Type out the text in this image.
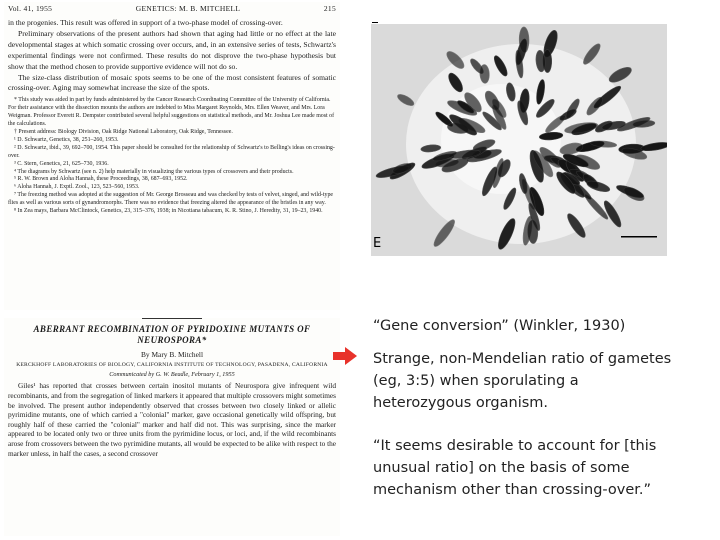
Vol. 41, 1955	GENETICS: M. B. MITCHELL	215

in the progenies. This result was offered in support of a two-phase model of crossing-over.

Preliminary observations of the present authors had shown that aging had little or no effect at the late developmental stages at which somatic crossing over occurs, and, in an extensive series of tests, Schwartz's experimental findings were not confirmed. These results do not disprove the two-phase hypothesis but show that the method chosen to provide supportive evidence will not do so.

The size-class distribution of mosaic spots seems to be one of the most consistent features of somatic crossing-over. Aging may somewhat increase the size of the spots.

* This study was aided in part by funds administered by the Cancer Research Coordinating Committee of the University of California. For their assistance with the dissection mounts the authors are indebted to Miss Margaret Reynolds, Mrs. Ellen Weaver, and Mrs. Lora Weigman. Professor Everett R. Dempster contributed several helpful suggestions on statistical methods, and Mr. Joshua Lee made most of the calculations.

† Present address: Biology Division, Oak Ridge National Laboratory, Oak Ridge, Tennessee.

¹ D. Schwartz, Genetics, 38, 251–260, 1953.

² D. Schwartz, ibid., 39, 692–700, 1954. This paper should be consulted for the relationship of Schwartz's to Belling's ideas on crossing-over.

³ C. Stern, Genetics, 21, 625–730, 1936.

⁴ The diagrams by Schwartz (see n. 2) help materially in visualizing the various types of crossovers and their products.

⁵ R. W. Brown and Aloha Hannah, these Proceedings, 38, 687–693, 1952.

⁶ Aloha Hannah, J. Exptl. Zool., 123, 523–560, 1953.

⁷ The freezing method was adopted at the suggestion of Mr. George Brosseau and was checked by tests of velvet, singed, and wild-type flies as well as various sorts of gynandromorphs. There was no evidence that freezing altered the appearance of the bristles in any way.

⁸ In Zea mays, Barbara McClintock, Genetics, 23, 315–376, 1938; in Nicotiana tabacum, K. R. Stino, J. Heredity, 31, 19–23, 1940.

ABERRANT RECOMBINATION OF PYRIDOXINE MUTANTS OF NEUROSPORA*
By Mary B. Mitchell
KERCKHOFF LABORATORIES OF BIOLOGY, CALIFORNIA INSTITUTE OF TECHNOLOGY, PASADENA, CALIFORNIA
Communicated by G. W. Beadle, February 1, 1955

Giles¹ has reported that crosses between certain inositol mutants of Neurospora give infrequent wild recombinants, and from the segregation of linked markers it appeared that multiple crossovers might sometimes be involved. The present author independently observed that crosses between two closely linked or allelic pyrimidine mutants, one of which carried a "colonial" marker, gave occasional genetically wild offspring, but roughly half of these carried the "colonial" marker and half did not. This was surprising, since the marker appeared to be located only two or three units from the pyrimidine locus, or loci, and, if the wild recombinants arose from crossovers between the two pyrimidine mutants, all would be expected to be alike with respect to the marker unless, in half the cases, a second crossover

E
“Gene conversion” (Winkler, 1930)
Strange, non-Mendelian ratio of gametes (eg, 3:5) when sporulating a heterozygous organism.
“It seems desirable to account for [this unusual ratio] on the basis of some mechanism other than crossing-over.”
